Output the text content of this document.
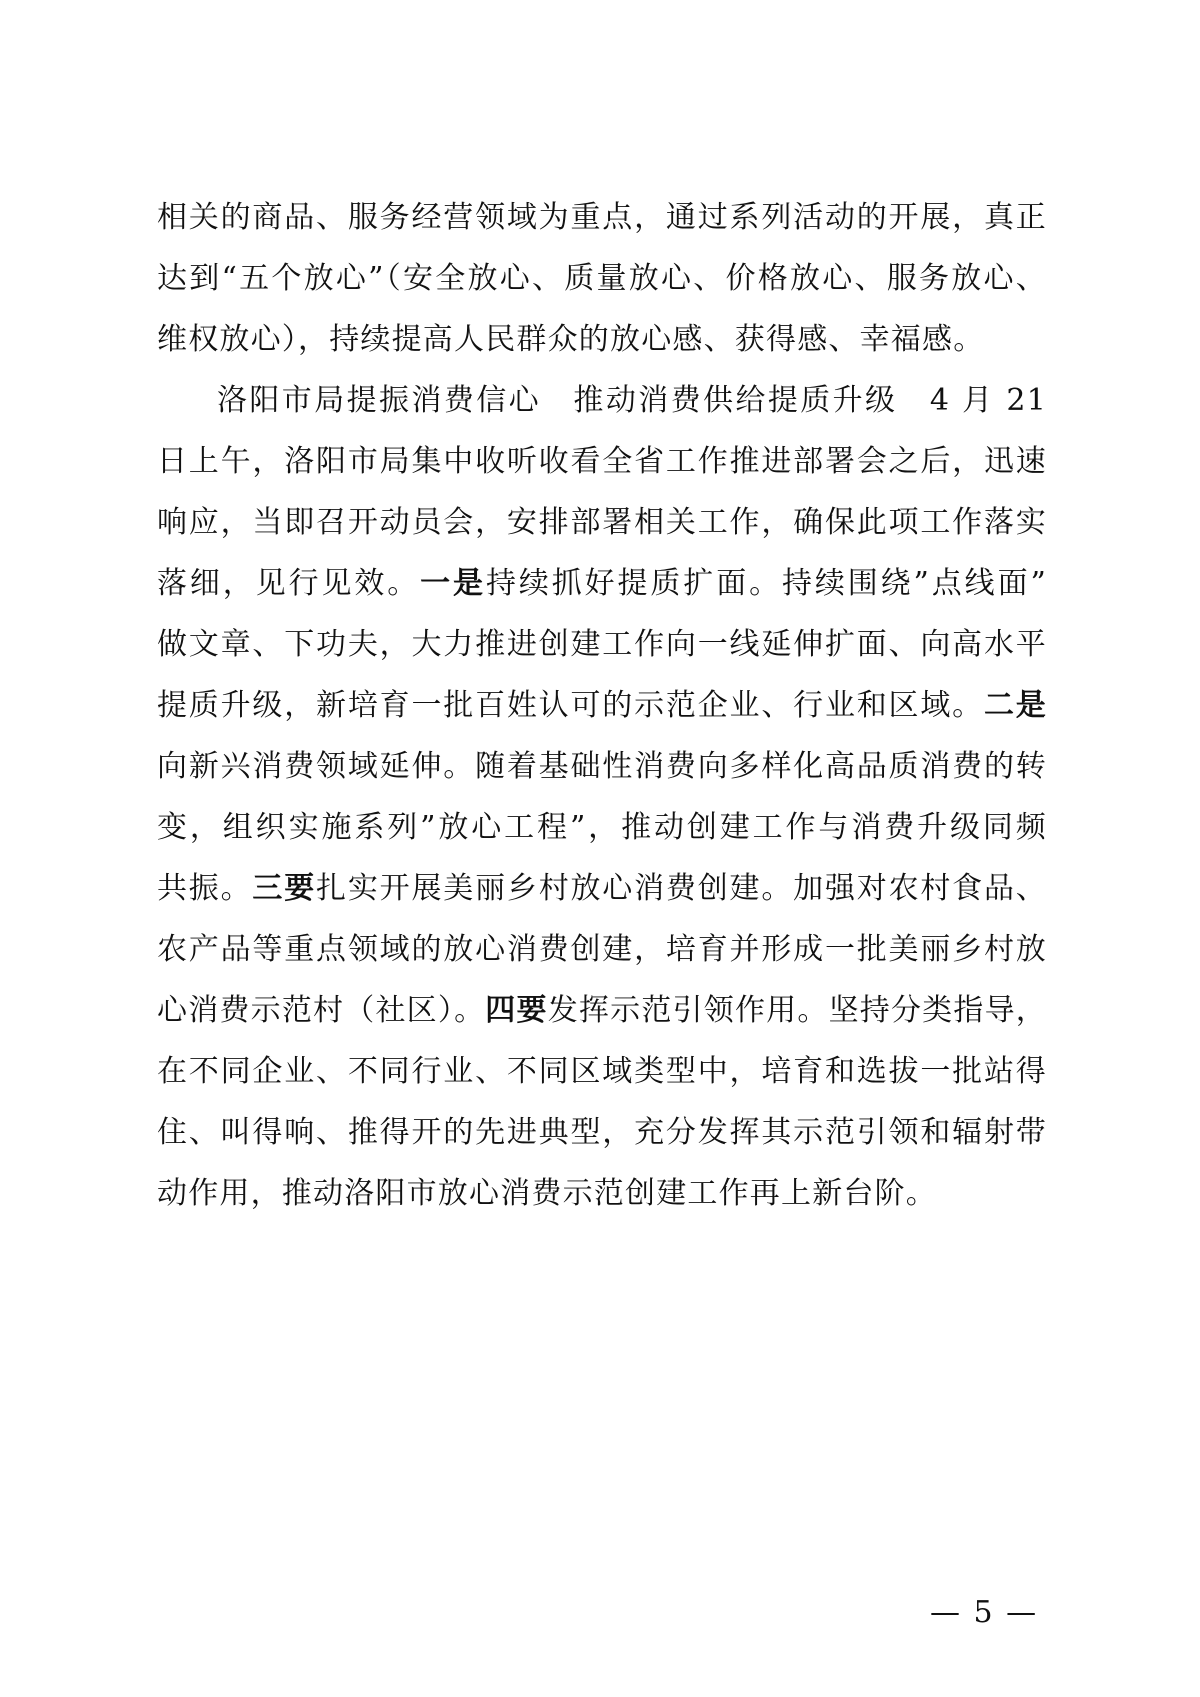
相关的商品、服务经营领域为重点，通过系列活动的开展，真正
达到“五个放心”（安全放心、质量放心、价格放心、服务放心、
维权放心），持续提高人民群众的放心感、获得感、幸福感。
洛阳市局提振消费信心　推动消费供给提质升级　4 月 21
日上午，洛阳市局集中收听收看全省工作推进部署会之后，迅速
响应，当即召开动员会，安排部署相关工作，确保此项工作落实
落细，见行见效。一是持续抓好提质扩面。持续围绕”点线面”
做文章、下功夫，大力推进创建工作向一线延伸扩面、向高水平
提质升级，新培育一批百姓认可的示范企业、行业和区域。二是
向新兴消费领域延伸。随着基础性消费向多样化高品质消费的转
变，组织实施系列”放心工程”，推动创建工作与消费升级同频
共振。三要扎实开展美丽乡村放心消费创建。加强对农村食品、
农产品等重点领域的放心消费创建，培育并形成一批美丽乡村放
心消费示范村（社区）。四要发挥示范引领作用。坚持分类指导，
在不同企业、不同行业、不同区域类型中，培育和选拔一批站得
住、叫得响、推得开的先进典型，充分发挥其示范引领和辐射带
动作用，推动洛阳市放心消费示范创建工作再上新台阶。
— 5 —
